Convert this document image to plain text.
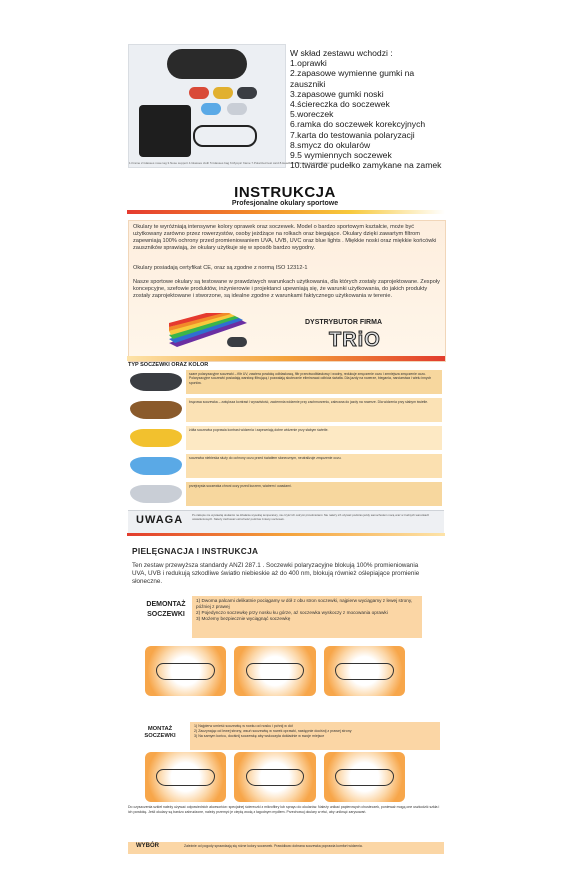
1.Frame 2.Glasses nose tag 3.Nose support 4.Glasses cloth 5.Glasses bag 6.Myopic frame 7.Polarized test card 8.Headband 9.lenses 10.Glasses box
W skład zestawu wchodzi :
1.oprawki
2.zapasowe wymienne gumki na
zauszniki
3.zapasowe gumki noski
4.ściereczka do soczewek
5.woreczek
6.ramka do soczewek korekcyjnych
7.karta do testowania polaryzacji
8.smycz do okularów
9.5 wymiennych soczewek
10.twarde pudełko zamykane na zamek
INSTRUKCJA
Profesjonalne okulary sportowe

Okulary te wyróżniają intensywne kolory oprawek oraz soczewek. Model o bardzo sportowym kształcie, może być użytkowany zarówno przez rowerzystów, osoby jeżdżące na rolkach oraz biegające. Okulary dzięki zawartym filtrom zapewniają 100% ochrony przed promieniowaniem UVA, UVB, UVC oraz blue lights . Miękkie noski oraz miękkie końcówki zauszników sprawiają, że okulary użytkuje się w sposób bardzo wygodny.

Okulary posiadają certyfikat CE, oraz są zgodne z normą ISO 12312-1

Nasze sportowe okulary są testowane w prawdziwych warunkach użytkowania, dla których zostały zaprojektowane. Zespoły koncepcyjne, szefowie produktów, inżynierowie i projektanci upewniają się, że warunki użytkowania, do jakich produkty zostały zaprojektowane i stworzone, są idealne zgodne z warunkami faktycznego użytkowania w terenie.

DYSTRYBUTOR FIRMA
TRiO
TYP SOCZEWKI ORAZ KOLOR
szare polaryzacyjne soczewki – filtr UV, zawiera powłokę odblaskową, filtr przeciwodblaskowy i wodny, redukuje zmęczenie oczu i zmniejsza zmęczenie oczu. Polaryzacyjne soczewki posiadają warstwę filtrującą i pozwalają skutecznie eliminować odbicia światła. Dla jazdy na rowerze, biegania, narciarstwa i wielu innych sportów.
brązowa soczewka – zwiększa kontrast i wyrazistość, zaciemnia widzenie przy zachmurzeniu, zalecana do jazdy na rowerze. Dla widzenia przy słabym świetle.
żółta soczewka poprawia kontrast widzenia i zapewniają dobre widzenie przy słabym świetle.
soczewka niebieska służy do ochrony oczu przed światłem słonecznym, neutralizuje zmęczenie oczu.
przejrzysta soczewka chroni oczy przed kurzem, wiatrem i owadami.
UWAGA	Po zakupie nie wystawiaj okularów na działanie wysokiej temperatury, nie czyść ich ostrymi przedmiotami. Nie należy ich używać podczas jazdy samochodem nocą oraz w trudnych warunkach oświetleniowych. Należy zachować ostrożność podczas zmiany soczewek.
PIELĘGNACJA I INSTRUKCJA
Ten zestaw przewyższa standardy ANZI 287.1 . Soczewki polaryzacyjne blokują 100% promieniowania UVA, UVB i redukują szkodliwe światło niebieskie aż do 400 nm, blokują również oślepiające promienie słoneczne.
DEMONTAŻ SOCZEWKI
1) Dwoma palcami delikatnie pociągamy w dół z obu stron soczewki, najpierw wyciągamy z lewej strony, później z prawej
2) Pojedynczo soczewkę przy nosku ku górze, aż soczewka wyskoczy z mocowania oprawki
3) Możemy bezpiecznie wyciągnąć soczewkę
MONTAŻ SOCZEWKI
1) Najpierw umieść soczewkę w rowku od nosku i pchnij w dół
2) Zaczynając od lewej strony, wsuń soczewkę w rowek oprawki, następnie dociśnij z prawej strony
3) Na samym końcu, dociśnij soczewkę aby wskoczyła dokładnie w swoje miejsce
Do czyszczenia szkieł należy używać odpowiednich akcesoriów: specjalnej ściereczki z mikrofibry lub sprayu do okularów. Należy unikać papierowych chusteczek, ponieważ mogą one uszkodzić szkła i ich powłokę. Jeśli okulary są bardzo zabrudzone, należy przemyć je ciepłą wodą z łagodnym mydłem. Przechowuj okulary w etui, aby uniknąć zarysowań.
WYBÓR	Zależnie od pogody sprawdzają się różne kolory soczewek. Prawidłowo dobrana soczewka poprawia komfort widzenia.
